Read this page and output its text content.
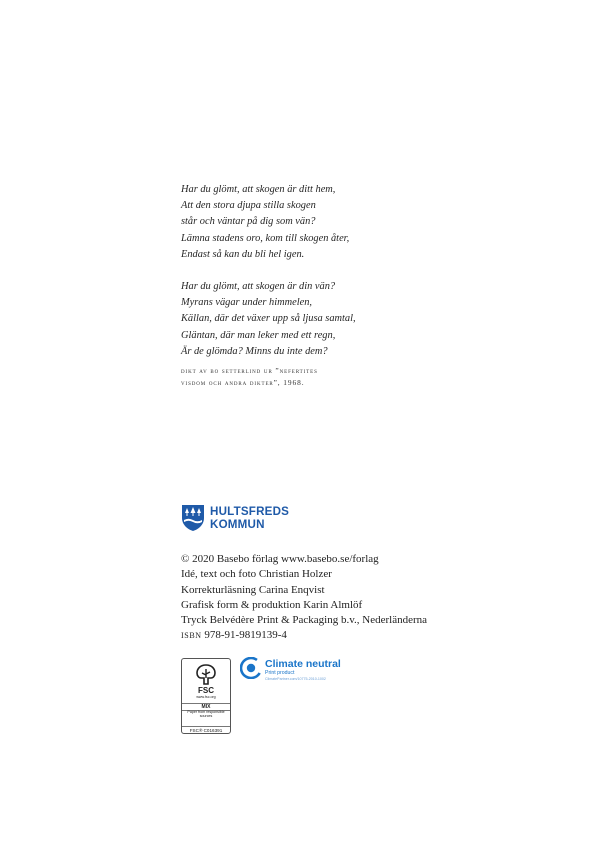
Har du glömt, att skogen är ditt hem,
Att den stora djupa stilla skogen
står och väntar på dig som vän?
Lämna stadens oro, kom till skogen åter,
Endast så kan du bli hel igen.
Har du glömt, att skogen är din vän?
Myrans vägar under himmelen,
Källan, där det växer upp så ljusa samtal,
Gläntan, där man leker med ett regn,
Är de glömda? Minns du inte dem?
dikt av bo setterlind ur ”nefertites
visdom och andra dikter”, 1968.
HULTSFREDS
KOMMUN
© 2020 Basebo förlag www.basebo.se/forlag
Idé, text och foto Christian Holzer
Korrekturläsning Carina Enqvist
Grafisk form & produktion Karin Almlöf
Tryck Belvédère Print & Packaging b.v., Nederländerna
isbn 978-91-9819139-4
FSC
www.fsc.org
MIX
Paper from responsible sources
FSC® C016391
Climate neutral
Print product
ClimatePartner.com/10775-2010-1002
